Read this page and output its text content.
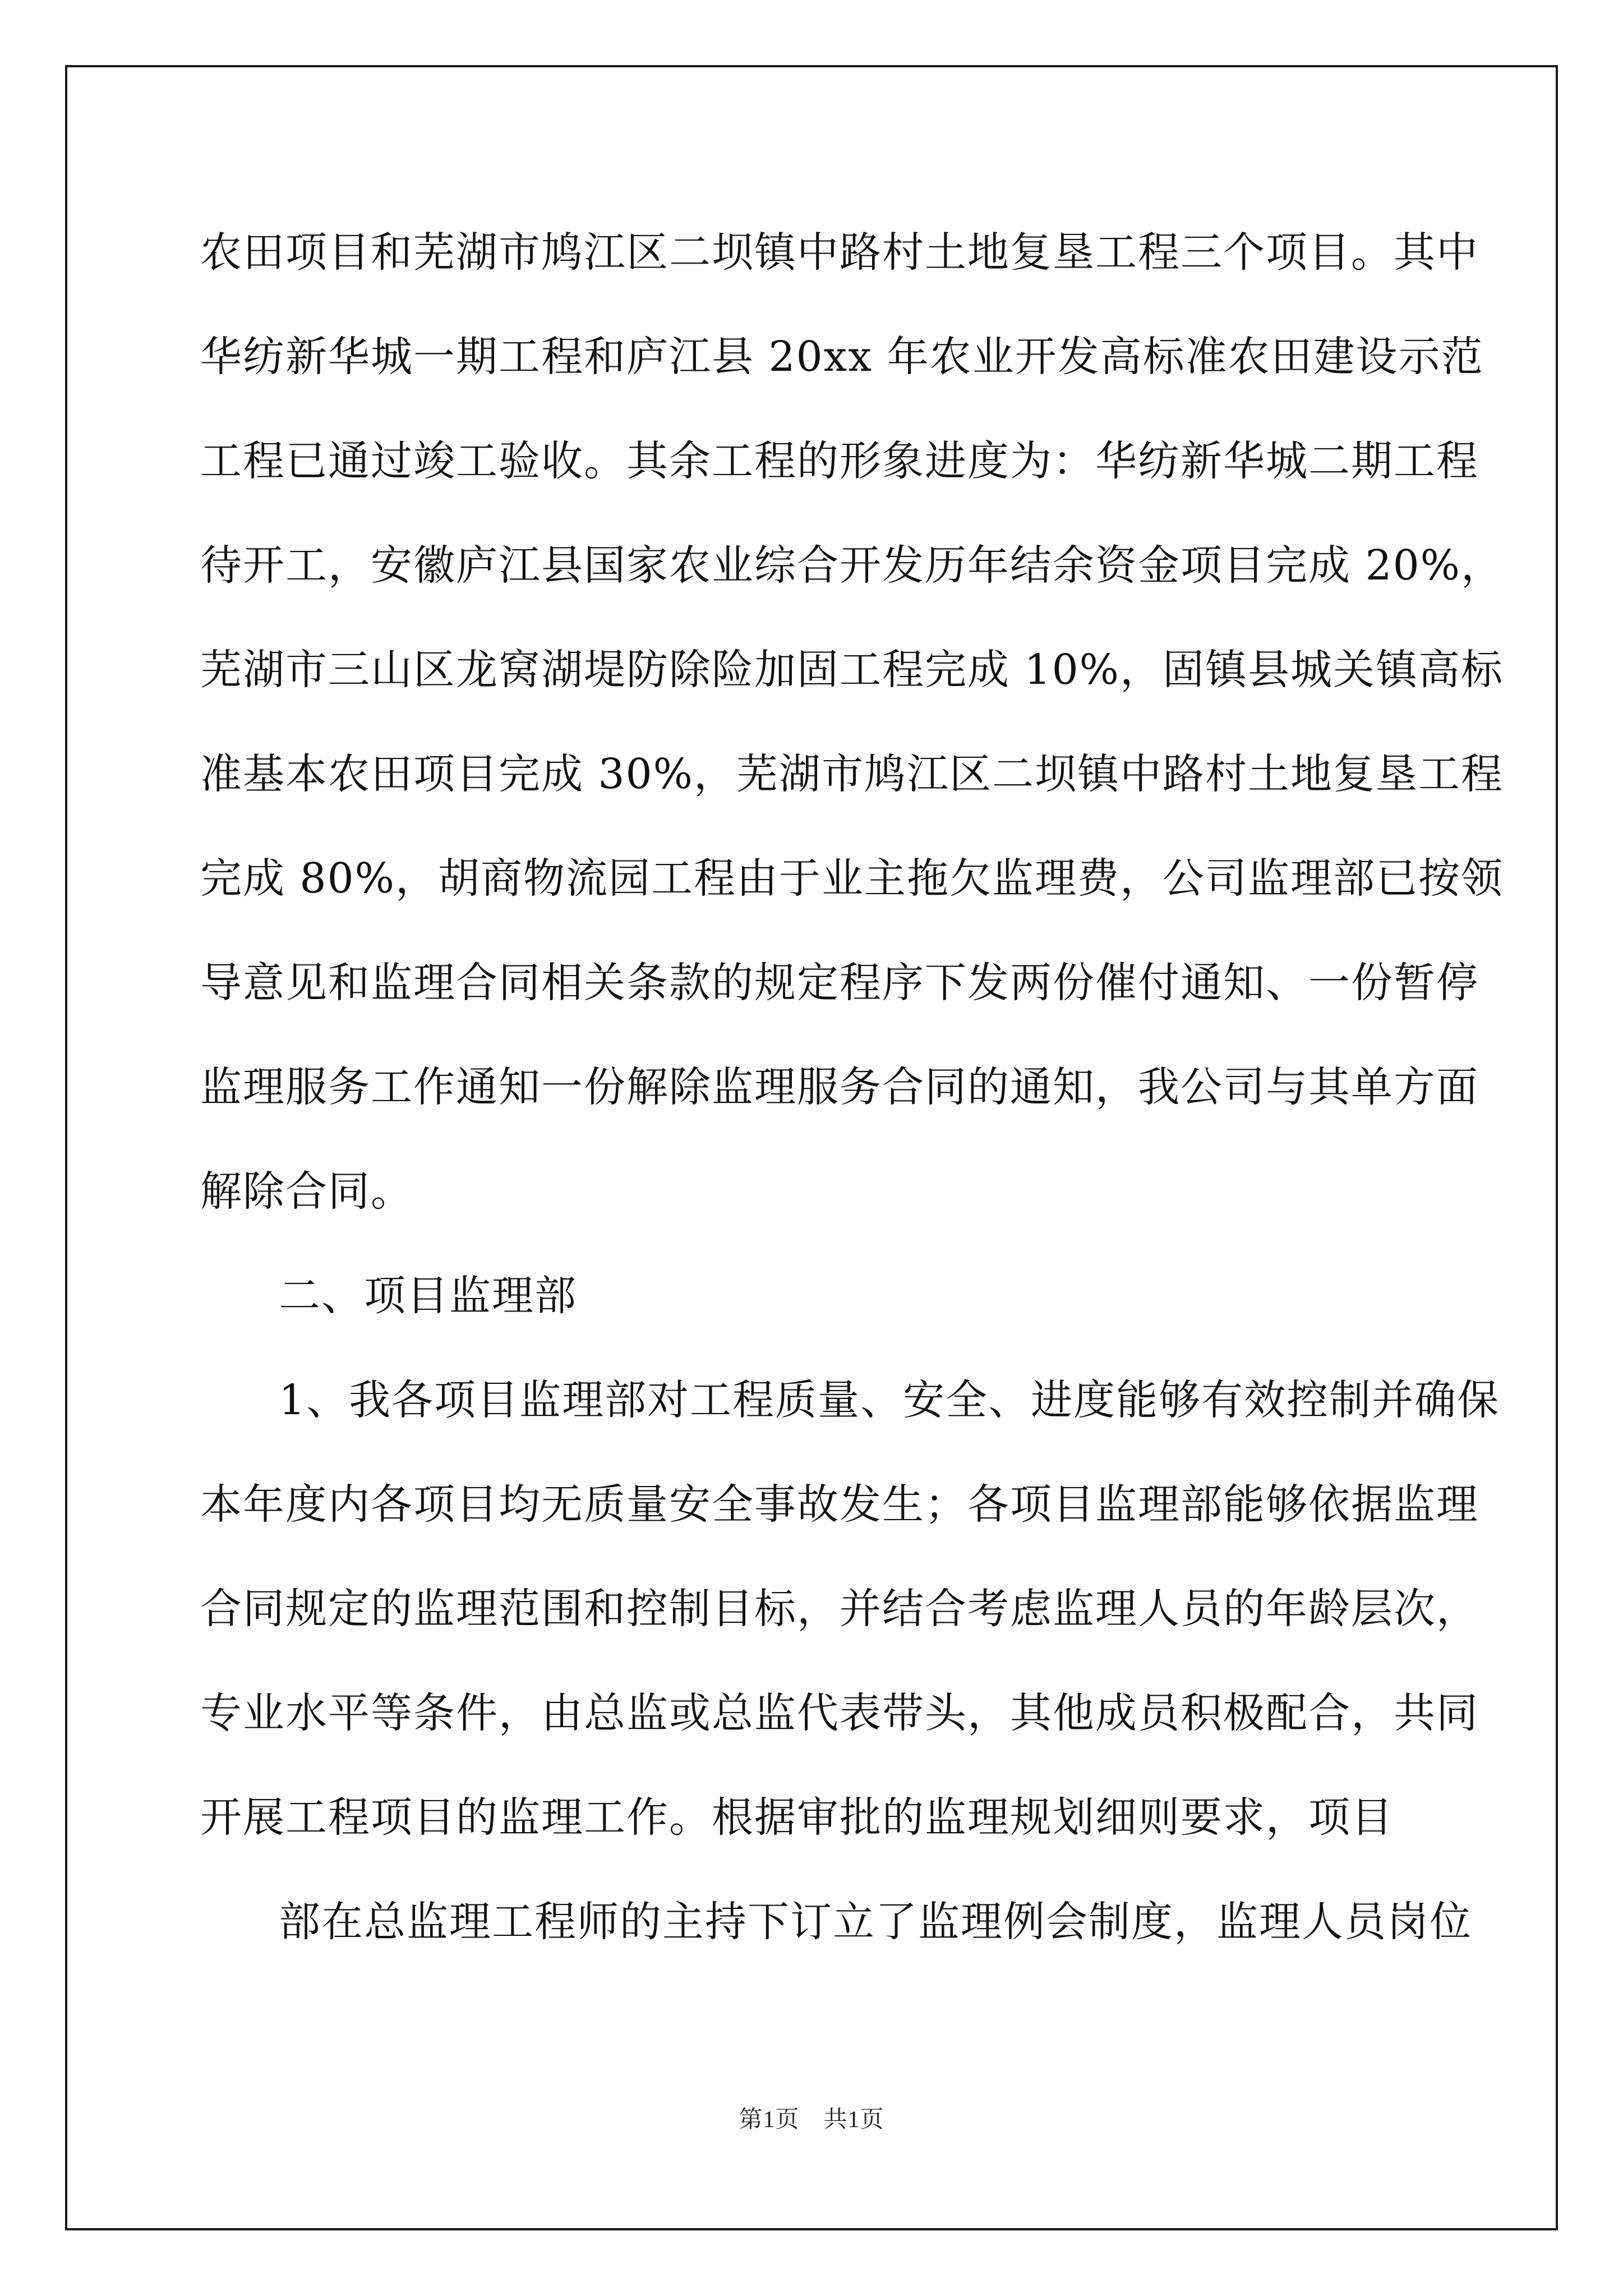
农田项目和芜湖市鸠江区二坝镇中路村土地复垦工程三个项目。其中
华纺新华城一期工程和庐江县 20xx 年农业开发高标准农田建设示范
工程已通过竣工验收。其余工程的形象进度为：华纺新华城二期工程
待开工，安徽庐江县国家农业综合开发历年结余资金项目完成 20%，
芜湖市三山区龙窝湖堤防除险加固工程完成 10%，固镇县城关镇高标
准基本农田项目完成 30%，芜湖市鸠江区二坝镇中路村土地复垦工程
完成 80%，胡商物流园工程由于业主拖欠监理费，公司监理部已按领
导意见和监理合同相关条款的规定程序下发两份催付通知、一份暂停
监理服务工作通知一份解除监理服务合同的通知，我公司与其单方面
解除合同。
二、项目监理部
1、我各项目监理部对工程质量、安全、进度能够有效控制并确保
本年度内各项目均无质量安全事故发生；各项目监理部能够依据监理
合同规定的监理范围和控制目标，并结合考虑监理人员的年龄层次，
专业水平等条件，由总监或总监代表带头，其他成员积极配合，共同
开展工程项目的监理工作。根据审批的监理规划细则要求，项目
部在总监理工程师的主持下订立了监理例会制度，监理人员岗位
第1页　共1页
